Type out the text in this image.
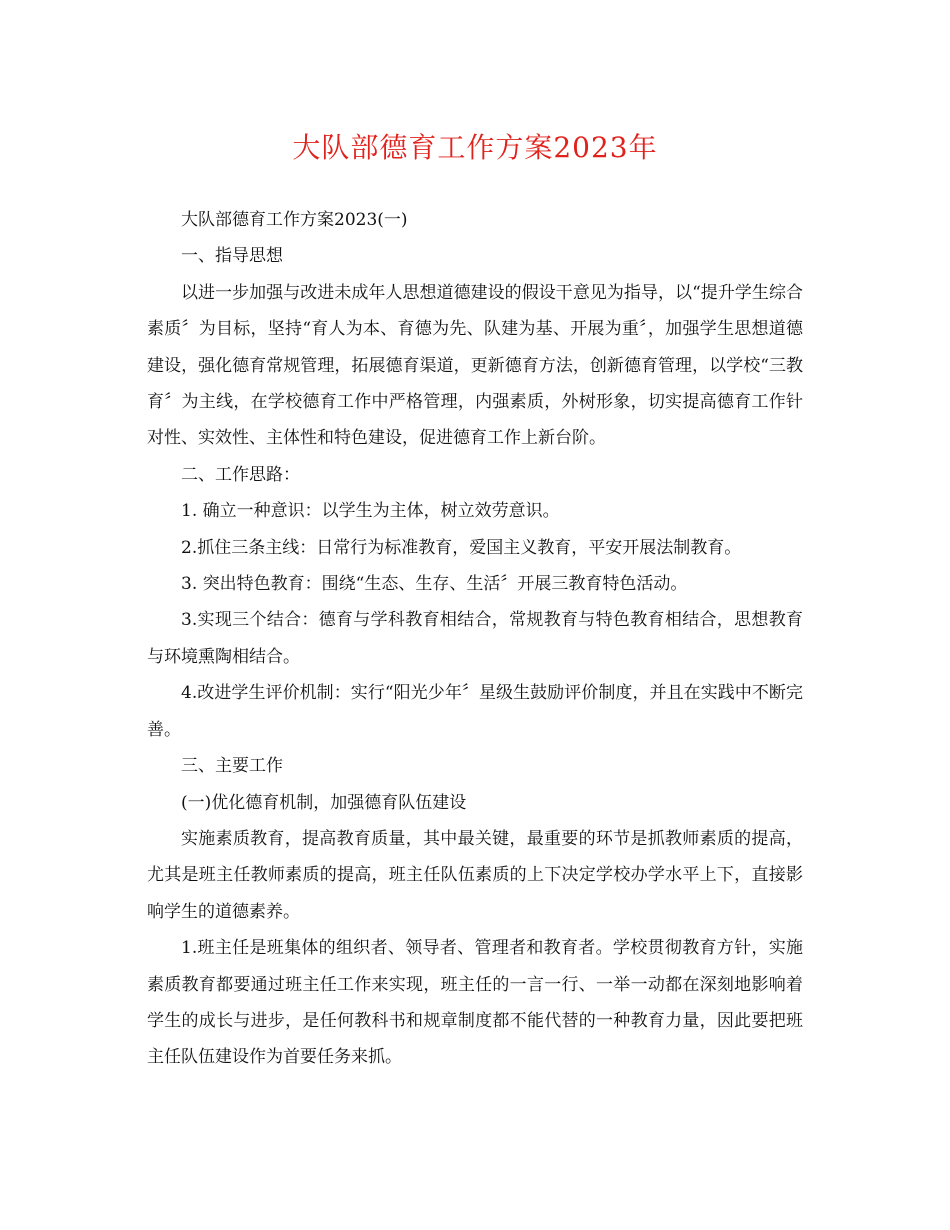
大队部德育工作方案2023年

大队部德育工作方案2023(一)

一、指导思想

以进一步加强与改进未成年人思想道德建设的假设干意见为指导，以“提升学生综合素质〞为目标，坚持“育人为本、育德为先、队建为基、开展为重〞，加强学生思想道德建设，强化德育常规管理，拓展德育渠道，更新德育方法，创新德育管理，以学校“三教育〞为主线，在学校德育工作中严格管理，内强素质，外树形象，切实提高德育工作针对性、实效性、主体性和特色建设，促进德育工作上新台阶。

二、工作思路：

1. 确立一种意识：以学生为主体，树立效劳意识。

2.抓住三条主线：日常行为标准教育，爱国主义教育，平安开展法制教育。

3. 突出特色教育：围绕“生态、生存、生活〞开展三教育特色活动。

3.实现三个结合：德育与学科教育相结合，常规教育与特色教育相结合，思想教育与环境熏陶相结合。

4.改进学生评价机制：实行“阳光少年〞星级生鼓励评价制度，并且在实践中不断完善。

三、主要工作

(一)优化德育机制，加强德育队伍建设

实施素质教育，提高教育质量，其中最关键，最重要的环节是抓教师素质的提高，尤其是班主任教师素质的提高，班主任队伍素质的上下决定学校办学水平上下，直接影响学生的道德素养。

1.班主任是班集体的组织者、领导者、管理者和教育者。学校贯彻教育方针，实施素质教育都要通过班主任工作来实现，班主任的一言一行、一举一动都在深刻地影响着学生的成长与进步，是任何教科书和规章制度都不能代替的一种教育力量，因此要把班主任队伍建设作为首要任务来抓。
